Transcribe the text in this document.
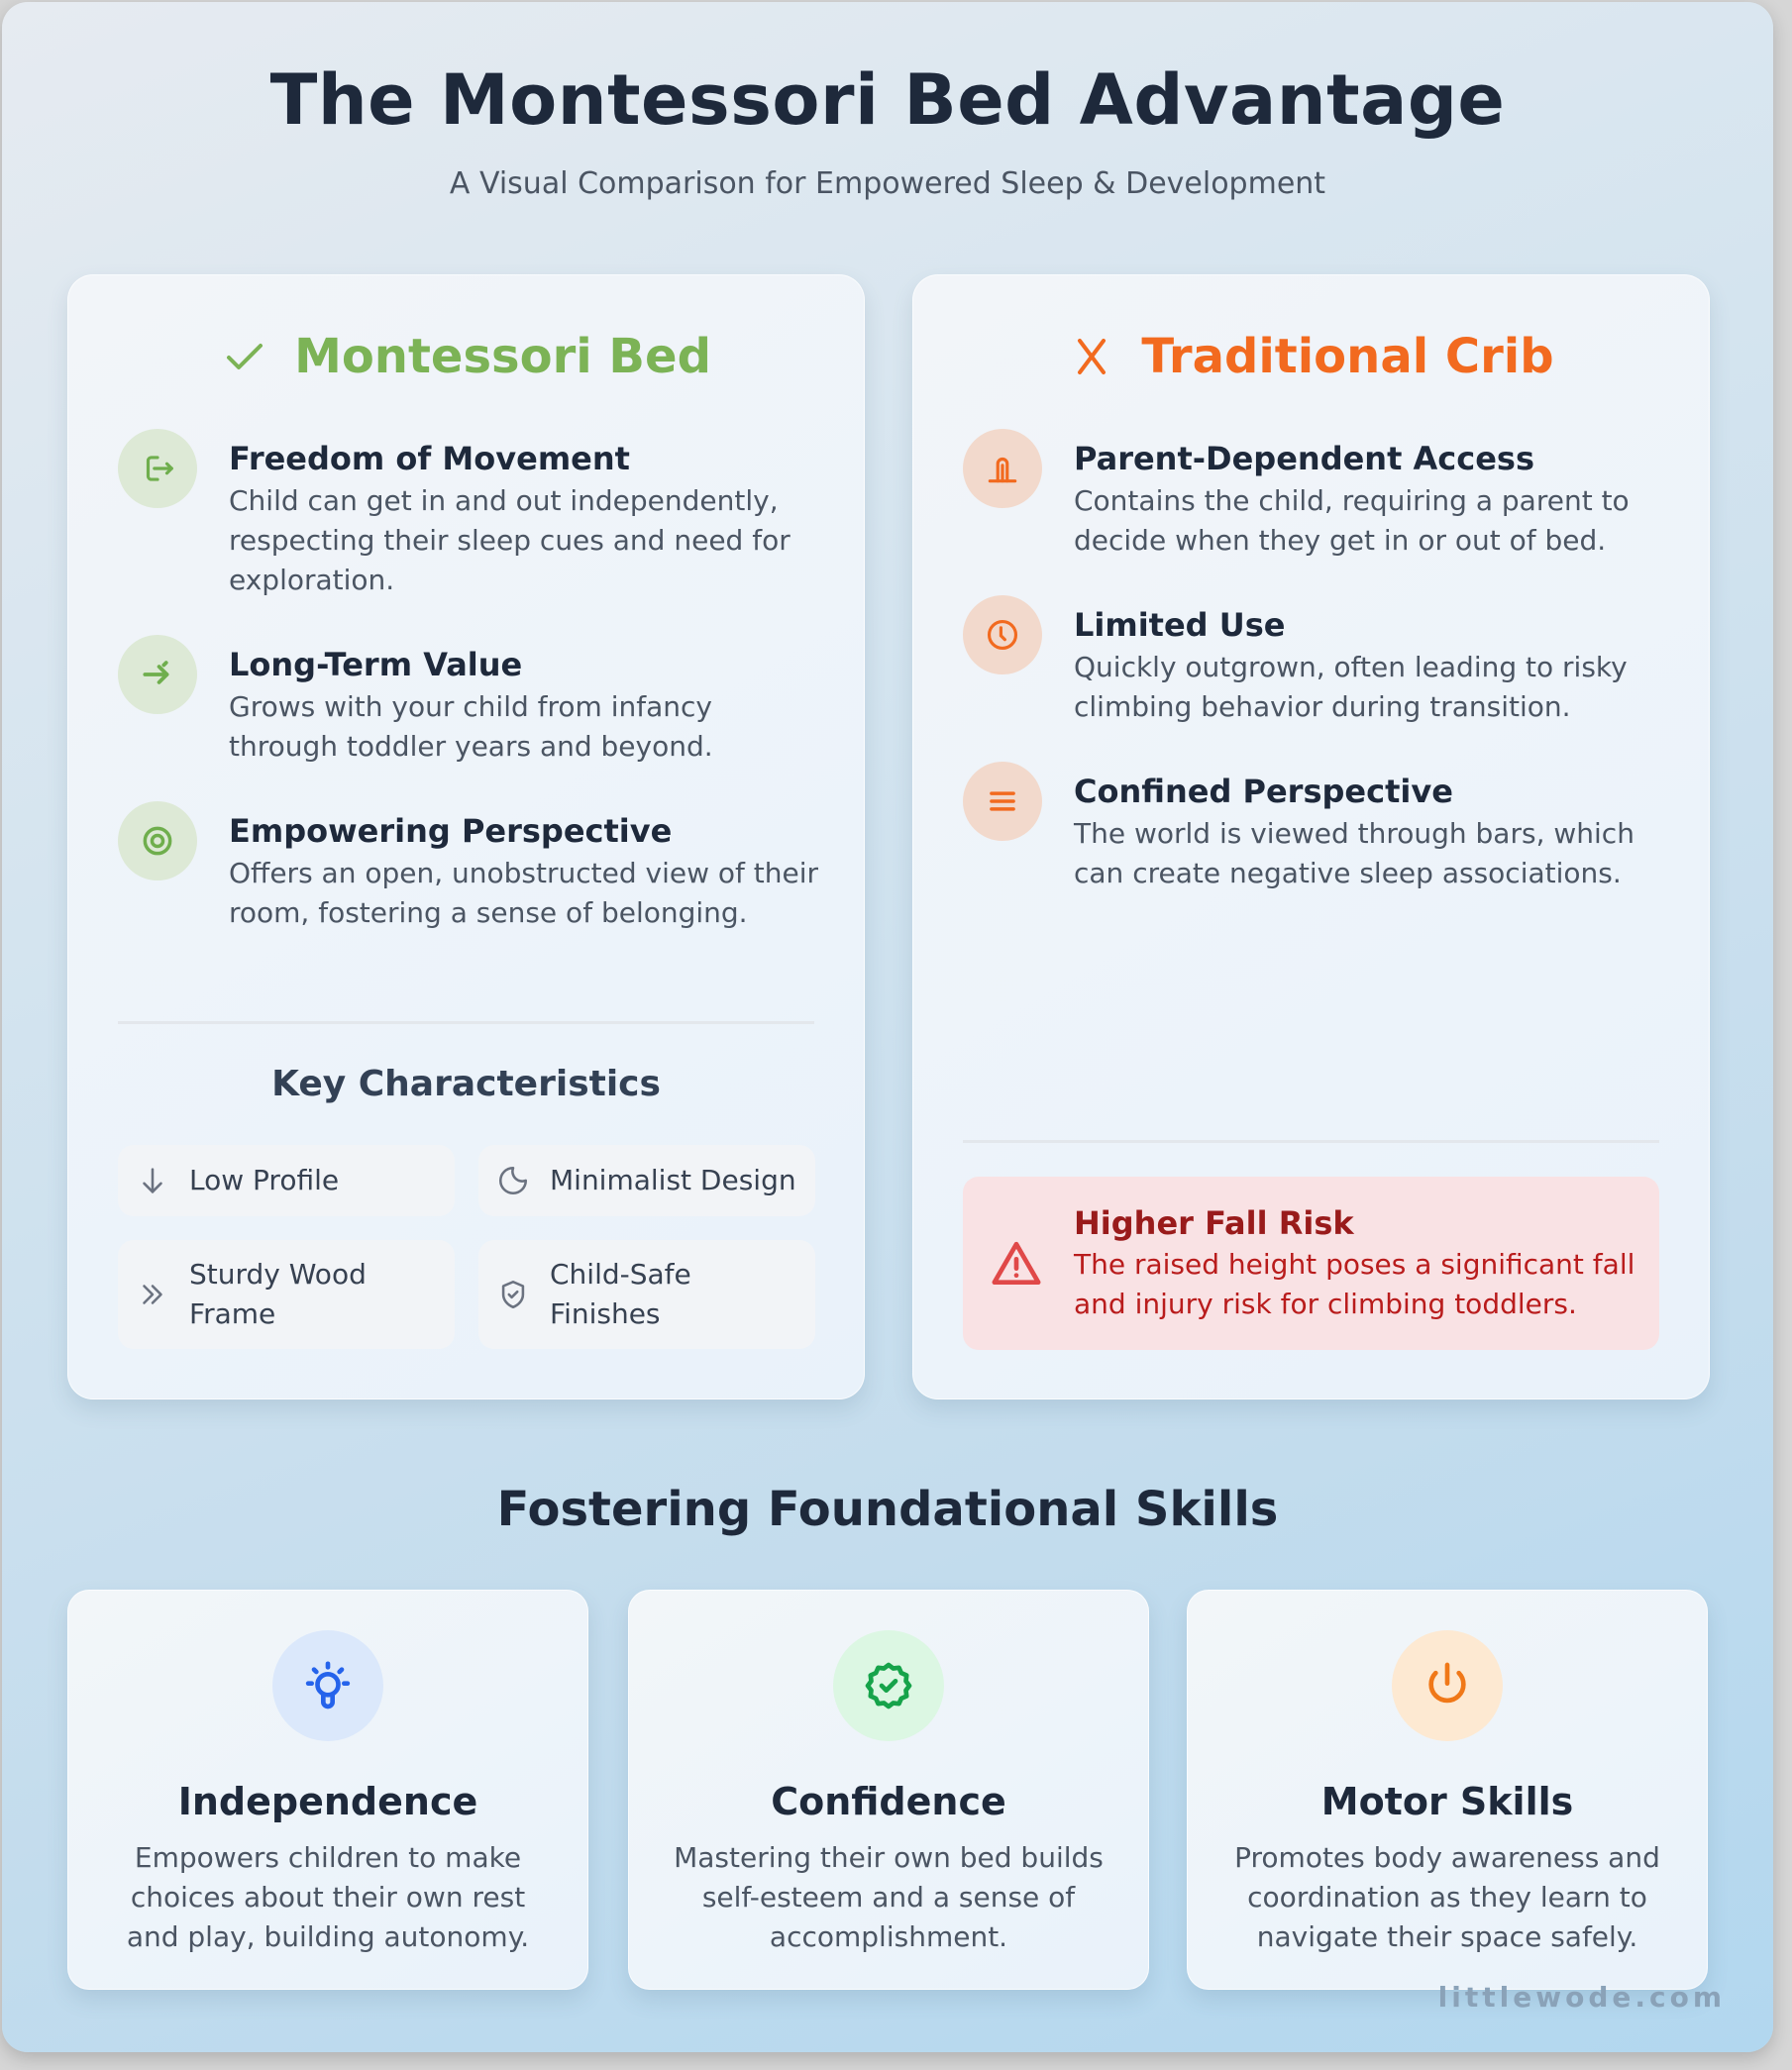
The Montessori Bed Advantage

A Visual Comparison for Empowered Sleep & Development

Montessori Bed
Freedom of Movement
Child can get in and out independently, respecting their sleep cues and need for exploration.
Long-Term Value
Grows with your child from infancy through toddler years and beyond.
Empowering Perspective
Offers an open, unobstructed view of their room, fostering a sense of belonging.
Key Characteristics
Low Profile	Minimalist Design
Sturdy Wood Frame
Child-Safe Finishes
Traditional Crib
Parent-Dependent Access
Contains the child, requiring a parent to decide when they get in or out of bed.
Limited Use
Quickly outgrown, often leading to risky climbing behavior during transition.
Confined Perspective
The world is viewed through bars, which can create negative sleep associations.
Higher Fall Risk
The raised height poses a significant fall and injury risk for climbing toddlers.
Fostering Foundational Skills
Independence
Empowers children to make choices about their own rest and play, building autonomy.
Confidence
Mastering their own bed builds self-esteem and a sense of accomplishment.
Motor Skills
Promotes body awareness and coordination as they learn to navigate their space safely.
littlewode.com
